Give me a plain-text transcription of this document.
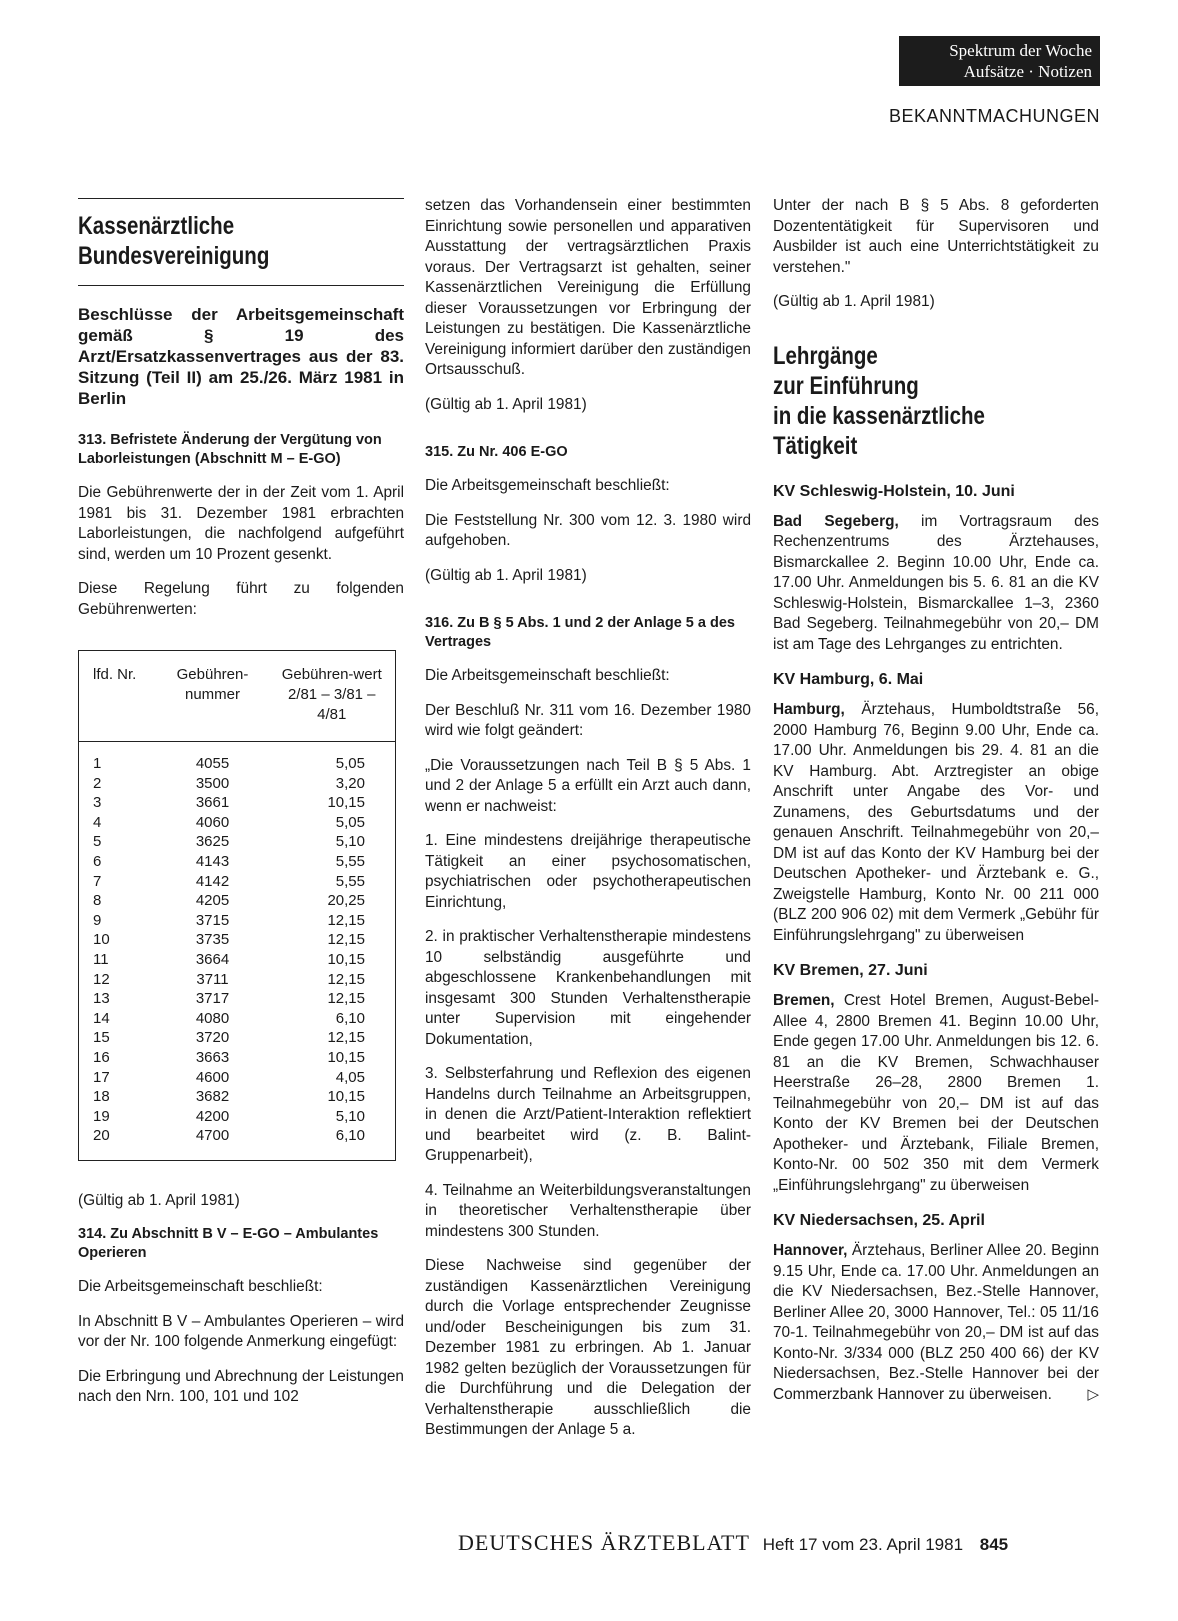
Spektrum der Woche
Aufsätze · Notizen
BEKANNTMACHUNGEN
Kassenärztliche
Bundesvereinigung
Beschlüsse der Arbeitsgemeinschaft gemäß § 19 des Arzt/Ersatzkassenvertrages aus der 83. Sitzung (Teil II) am 25./26. März 1981 in Berlin
313. Befristete Änderung der Vergütung von Laborleistungen (Abschnitt M – E-GO)

Die Gebührenwerte der in der Zeit vom 1. April 1981 bis 31. Dezember 1981 erbrachten Laborleistungen, die nachfolgend aufgeführt sind, werden um 10 Prozent gesenkt.

Diese Regelung führt zu folgenden Gebührenwerten:

lfd. Nr.	Gebühren-nummer	Gebühren-wert 2/81 – 3/81 – 4/81
1	4055	5,05
2	3500	3,20
3	3661	10,15
4	4060	5,05
5	3625	5,10
6	4143	5,55
7	4142	5,55
8	4205	20,25
9	3715	12,15
10	3735	12,15
11	3664	10,15
12	3711	12,15
13	3717	12,15
14	4080	6,10
15	3720	12,15
16	3663	10,15
17	4600	4,05
18	3682	10,15
19	4200	5,10
20	4700	6,10

(Gültig ab 1. April 1981)

314. Zu Abschnitt B V – E-GO – Ambulantes Operieren

Die Arbeitsgemeinschaft beschließt:

In Abschnitt B V – Ambulantes Operieren – wird vor der Nr. 100 folgende Anmerkung eingefügt:

Die Erbringung und Abrechnung der Leistungen nach den Nrn. 100, 101 und 102

setzen das Vorhandensein einer bestimmten Einrichtung sowie personellen und apparativen Ausstattung der vertragsärztlichen Praxis voraus. Der Vertragsarzt ist gehalten, seiner Kassenärztlichen Vereinigung die Erfüllung dieser Voraussetzungen vor Erbringung der Leistungen zu bestätigen. Die Kassenärztliche Vereinigung informiert darüber den zuständigen Ortsausschuß.

(Gültig ab 1. April 1981)

315. Zu Nr. 406 E-GO

Die Arbeitsgemeinschaft beschließt:

Die Feststellung Nr. 300 vom 12. 3. 1980 wird aufgehoben.

(Gültig ab 1. April 1981)

316. Zu B § 5 Abs. 1 und 2 der Anlage 5 a des Vertrages

Die Arbeitsgemeinschaft beschließt:

Der Beschluß Nr. 311 vom 16. Dezember 1980 wird wie folgt geändert:

„Die Voraussetzungen nach Teil B § 5 Abs. 1 und 2 der Anlage 5 a erfüllt ein Arzt auch dann, wenn er nachweist:

1. Eine mindestens dreijährige therapeutische Tätigkeit an einer psychosomatischen, psychiatrischen oder psychotherapeutischen Einrichtung,

2. in praktischer Verhaltenstherapie mindestens 10 selbständig ausgeführte und abgeschlossene Krankenbehandlungen mit insgesamt 300 Stunden Verhaltenstherapie unter Supervision mit eingehender Dokumentation,

3. Selbsterfahrung und Reflexion des eigenen Handelns durch Teilnahme an Arbeitsgruppen, in denen die Arzt/Patient-Interaktion reflektiert und bearbeitet wird (z. B. Balint-Gruppenarbeit),

4. Teilnahme an Weiterbildungsveranstaltungen in theoretischer Verhaltenstherapie über mindestens 300 Stunden.

Diese Nachweise sind gegenüber der zuständigen Kassenärztlichen Vereinigung durch die Vorlage entsprechender Zeugnisse und/oder Bescheinigungen bis zum 31. Dezember 1981 zu erbringen. Ab 1. Januar 1982 gelten bezüglich der Voraussetzungen für die Durchführung und die Delegation der Verhaltenstherapie ausschließlich die Bestimmungen der Anlage 5 a.

Unter der nach B § 5 Abs. 8 geforderten Dozententätigkeit für Supervisoren und Ausbilder ist auch eine Unterrichtstätigkeit zu verstehen."

(Gültig ab 1. April 1981)

Lehrgänge
zur Einführung
in die kassenärztliche
Tätigkeit
KV Schleswig-Holstein, 10. Juni

Bad Segeberg, im Vortragsraum des Rechenzentrums des Ärztehauses, Bismarckallee 2. Beginn 10.00 Uhr, Ende ca. 17.00 Uhr. Anmeldungen bis 5. 6. 81 an die KV Schleswig-Holstein, Bismarckallee 1–3, 2360 Bad Segeberg. Teilnahmegebühr von 20,– DM ist am Tage des Lehrganges zu entrichten.

KV Hamburg, 6. Mai

Hamburg, Ärztehaus, Humboldtstraße 56, 2000 Hamburg 76, Beginn 9.00 Uhr, Ende ca. 17.00 Uhr. Anmeldungen bis 29. 4. 81 an die KV Hamburg. Abt. Arztregister an obige Anschrift unter Angabe des Vor- und Zunamens, des Geburtsdatums und der genauen Anschrift. Teilnahmegebühr von 20,– DM ist auf das Konto der KV Hamburg bei der Deutschen Apotheker- und Ärztebank e. G., Zweigstelle Hamburg, Konto Nr. 00 211 000 (BLZ 200 906 02) mit dem Vermerk „Gebühr für Einführungslehrgang" zu überweisen

KV Bremen, 27. Juni

Bremen, Crest Hotel Bremen, August-Bebel-Allee 4, 2800 Bremen 41. Beginn 10.00 Uhr, Ende gegen 17.00 Uhr. Anmeldungen bis 12. 6. 81 an die KV Bremen, Schwachhauser Heerstraße 26–28, 2800 Bremen 1. Teilnahmegebühr von 20,– DM ist auf das Konto der KV Bremen bei der Deutschen Apotheker- und Ärztebank, Filiale Bremen, Konto-Nr. 00 502 350 mit dem Vermerk „Einführungslehrgang" zu überweisen

KV Niedersachsen, 25. April

Hannover, Ärztehaus, Berliner Allee 20. Beginn 9.15 Uhr, Ende ca. 17.00 Uhr. Anmeldungen an die KV Niedersachsen, Bez.-Stelle Hannover, Berliner Allee 20, 3000 Hannover, Tel.: 05 11/16 70-1. Teilnahmegebühr von 20,– DM ist auf das Konto-Nr. 3/334 000 (BLZ 250 400 66) der KV Niedersachsen, Bez.-Stelle Hannover bei der Commerzbank Hannover zu überweisen. ▷

DEUTSCHES ÄRZTEBLATT Heft 17 vom 23. April 1981 845
